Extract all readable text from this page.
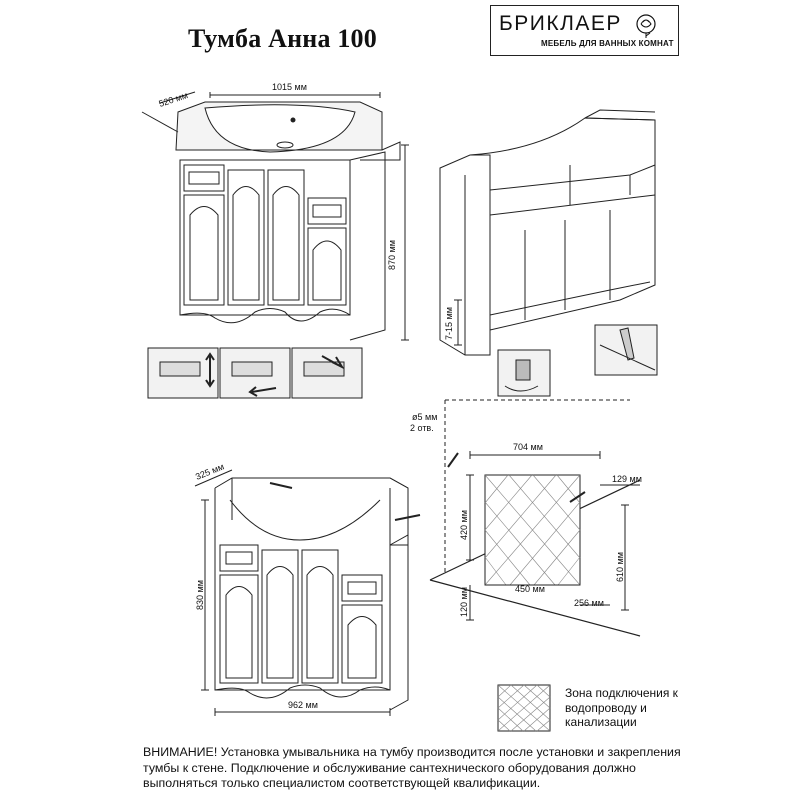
Тумба Анна 100
БРИКЛАЕР
МЕБЕЛЬ ДЛЯ ВАННЫХ КОМНАТ
520 мм
1015 мм
870 мм
7-15 мм
325 мм
830 мм
962 мм
ø5 мм
2 отв.
704 мм
129 мм
420 мм
610 мм
450 мм
256 мм
120 мм
Зона подключения к водопроводу и канализации
ВНИМАНИЕ! Установка умывальника на тумбу производится после установки и закрепления тумбы к стене. Подключение и обслуживание сантехнического оборудования должно выполняться только специалистом соответствующей квалификации.
